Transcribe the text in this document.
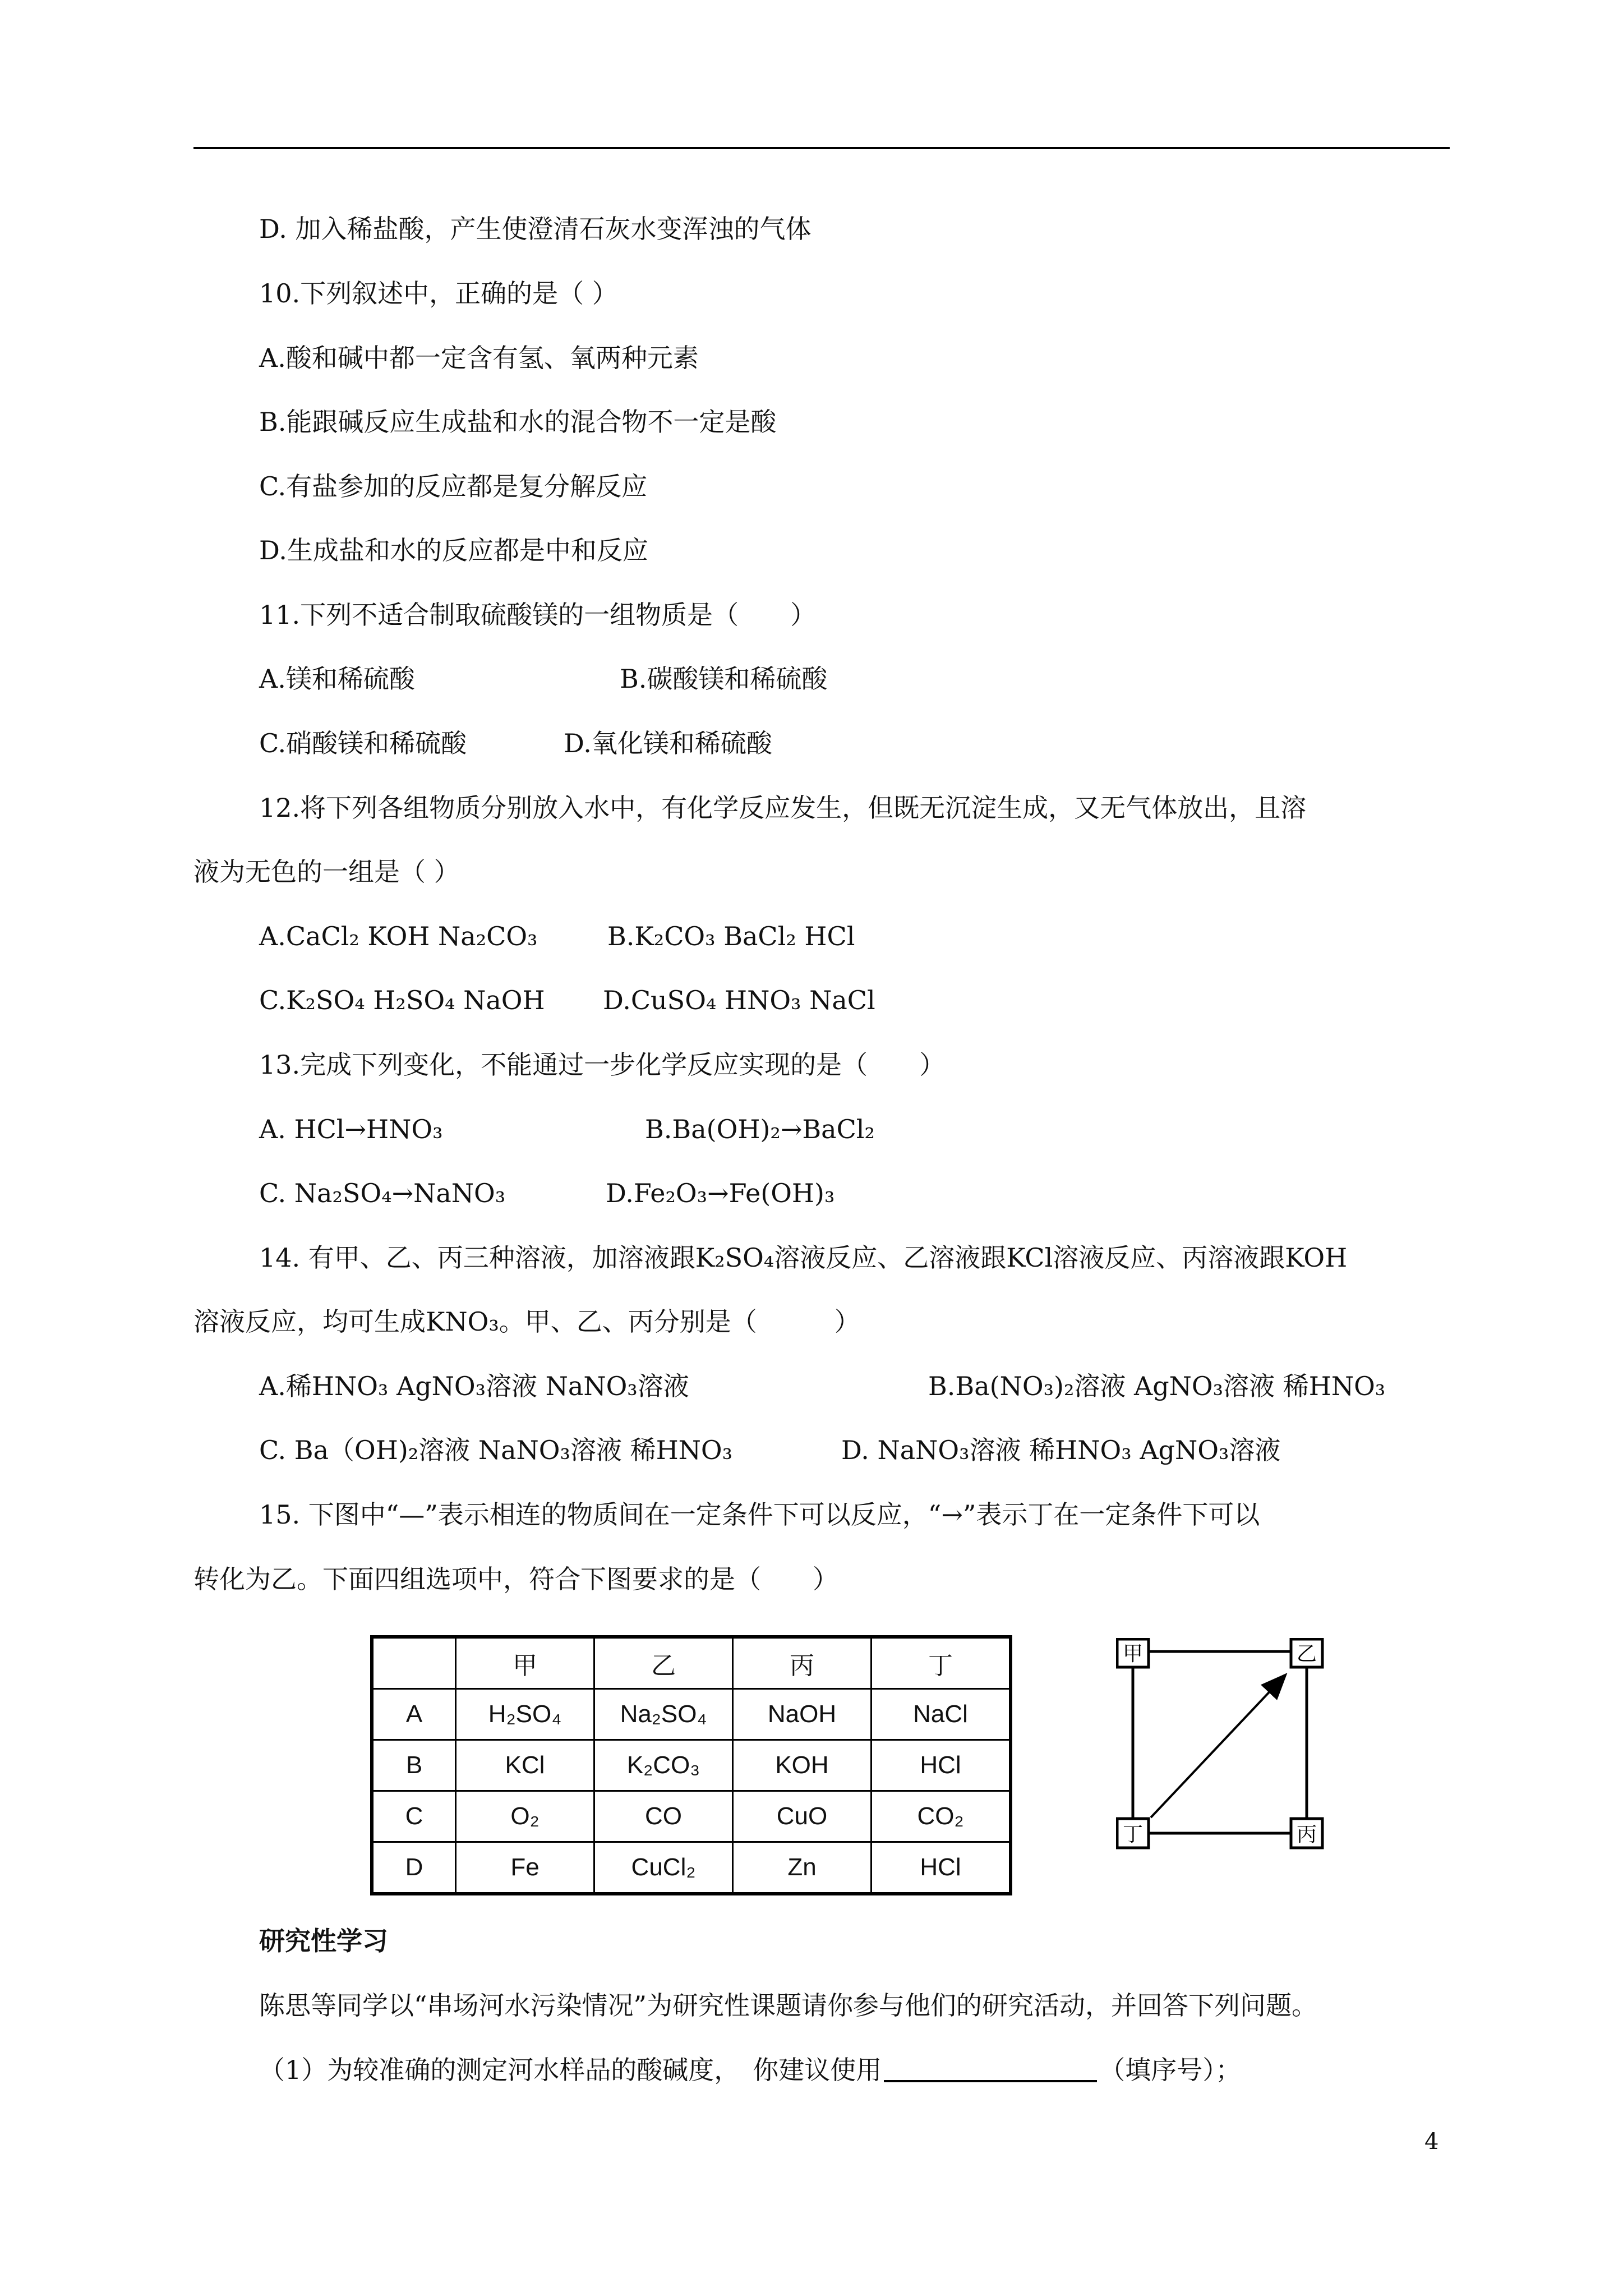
D. 加入稀盐酸，产生使澄清石灰水变浑浊的气体
10.下列叙述中，正确的是（ ）
A.酸和碱中都一定含有氢、氧两种元素
B.能跟碱反应生成盐和水的混合物不一定是酸
C.有盐参加的反应都是复分解反应
D.生成盐和水的反应都是中和反应
11.下列不适合制取硫酸镁的一组物质是（　　）
A.镁和稀硫酸	B.碳酸镁和稀硫酸
C.硝酸镁和稀硫酸	D.氧化镁和稀硫酸
12.将下列各组物质分别放入水中，有化学反应发生，但既无沉淀生成，又无气体放出，且溶
液为无色的一组是（ ）
A.CaCl₂ KOH Na₂CO₃	B.K₂CO₃ BaCl₂ HCl
C.K₂SO₄ H₂SO₄ NaOH D.CuSO₄ HNO₃ NaCl
13.完成下列变化，不能通过一步化学反应实现的是（　　）
A. HCl→HNO₃	B.Ba(OH)₂→BaCl₂
C. Na₂SO₄→NaNO₃	D.Fe₂O₃→Fe(OH)₃
14. 有甲、乙、丙三种溶液，加溶液跟K₂SO₄溶液反应、乙溶液跟KCl溶液反应、丙溶液跟KOH
溶液反应，均可生成KNO₃。甲、乙、丙分别是（　　　）
A.稀HNO₃ AgNO₃溶液 NaNO₃溶液	B.Ba(NO₃)₂溶液 AgNO₃溶液 稀HNO₃
C. Ba（OH)₂溶液 NaNO₃溶液 稀HNO₃	D. NaNO₃溶液 稀HNO₃ AgNO₃溶液
15. 下图中“—”表示相连的物质间在一定条件下可以反应，“→”表示丁在一定条件下可以
转化为乙。下面四组选项中，符合下图要求的是（　　）
	甲	乙	丙	丁
A	H₂SO₄	Na₂SO₄	NaOH	NaCl
B	KCl	K₂CO₃	KOH	HCl
C	O₂	CO	CuO	CO₂
D	Fe	CuCl₂	Zn	HCl
甲	乙
丁	丙
研究性学习
陈思等同学以“串场河水污染情况”为研究性课题请你参与他们的研究活动，并回答下列问题。
（1）为较准确的测定河水样品的酸碱度，　你建议使用	（填序号）；
4
